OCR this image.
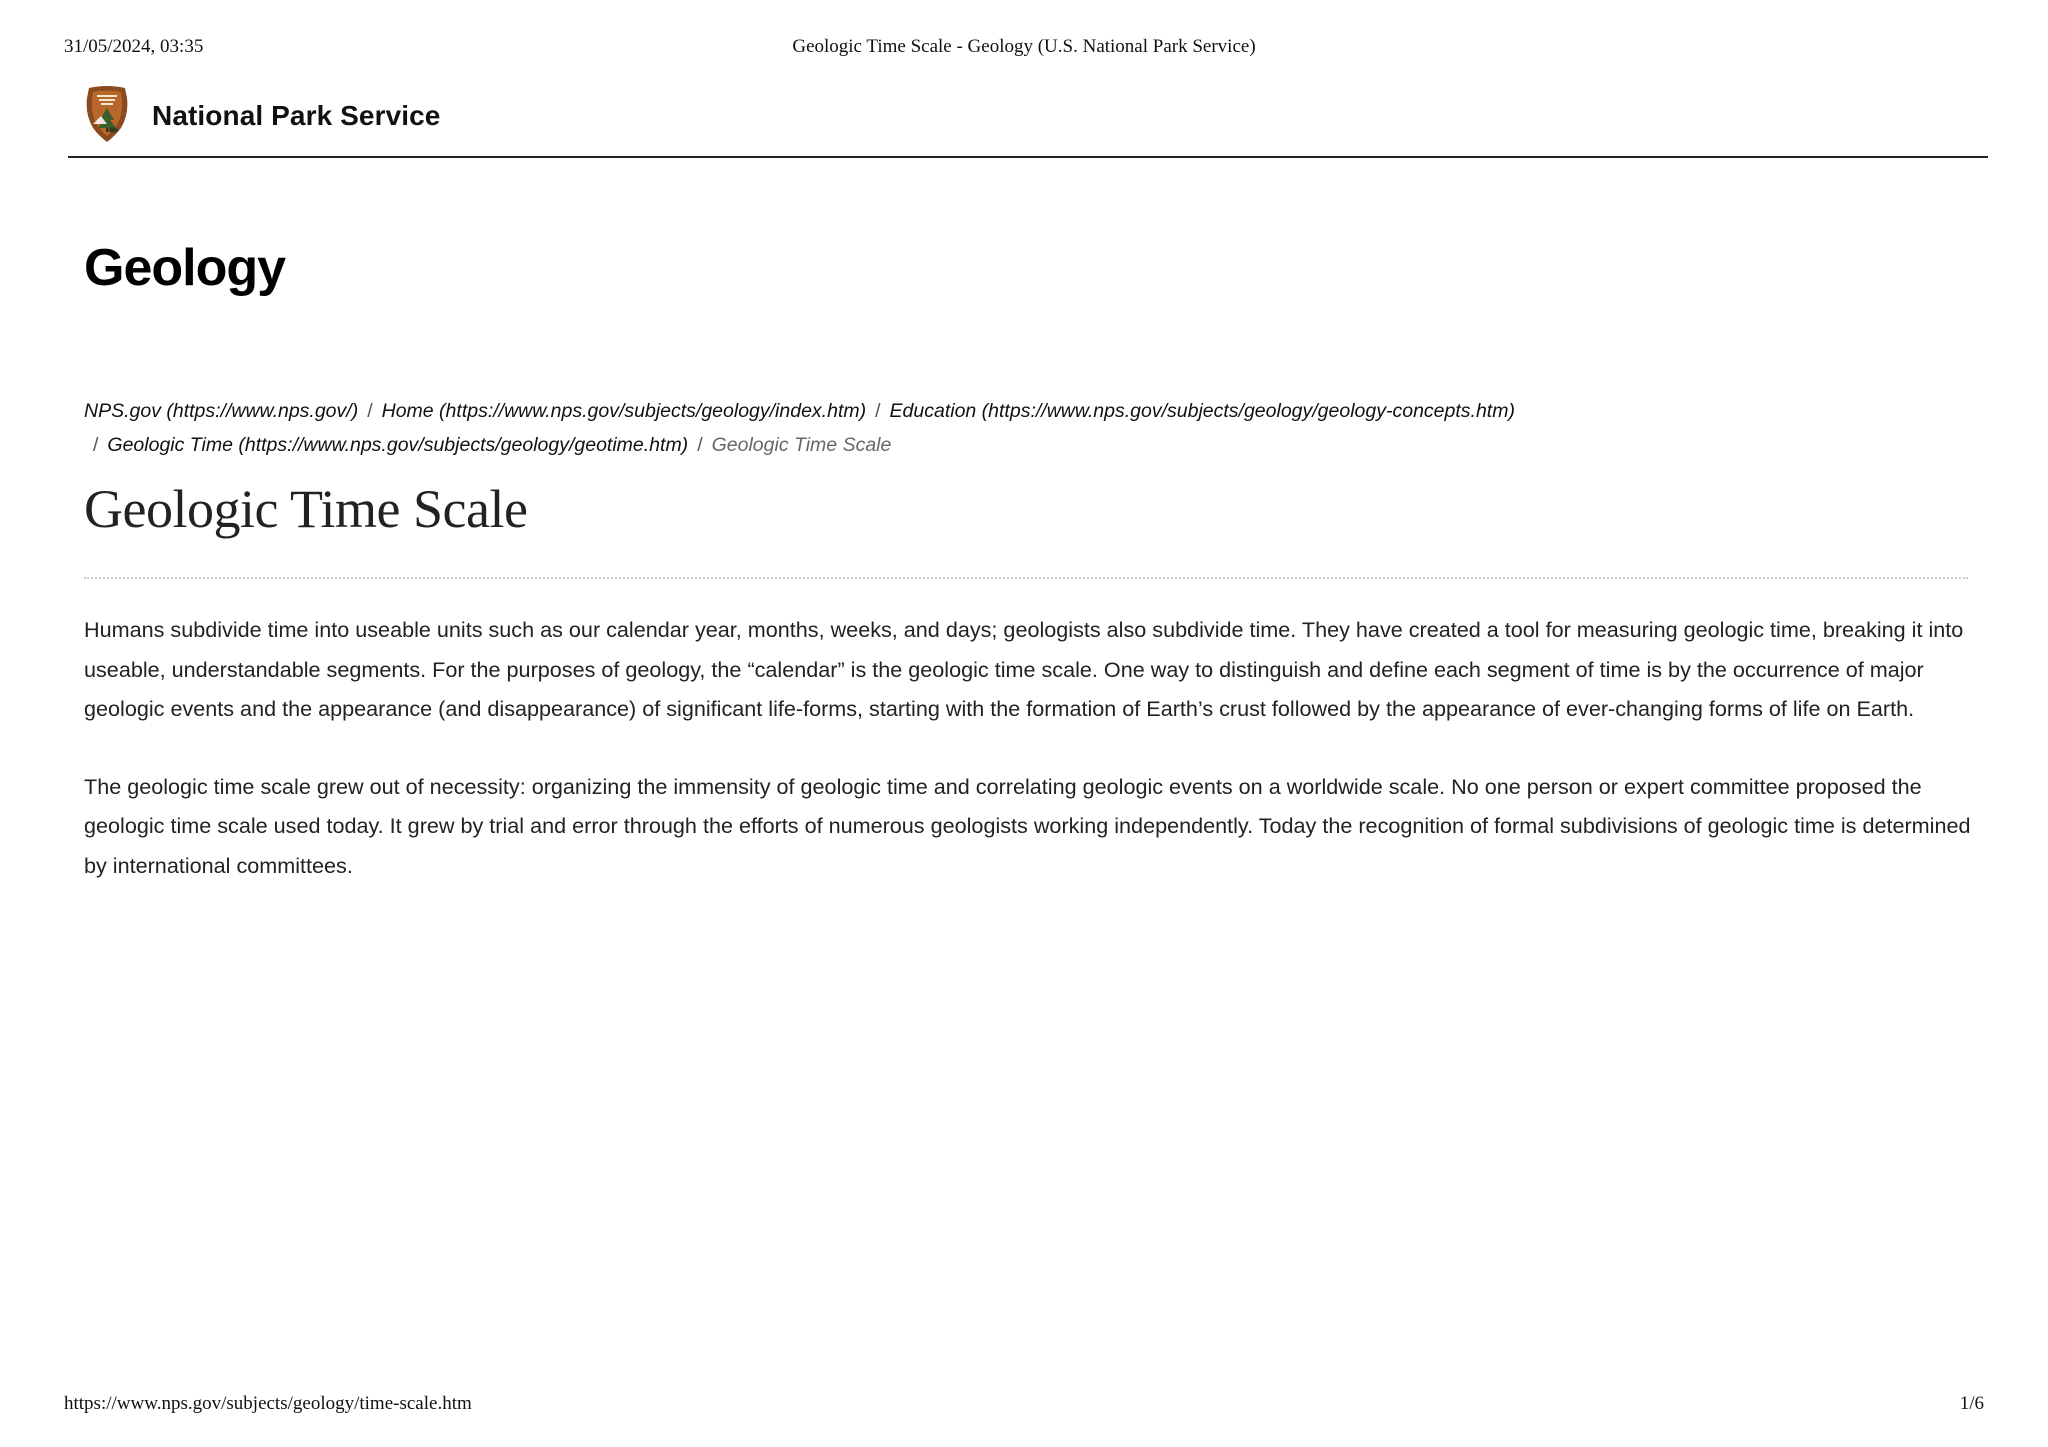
31/05/2024, 03:35	Geologic Time Scale - Geology (U.S. National Park Service)
National Park Service
Geology
NPS.gov (https://www.nps.gov/) / Home (https://www.nps.gov/subjects/geology/index.htm) / Education (https://www.nps.gov/subjects/geology/geology-concepts.htm)
/ Geologic Time (https://www.nps.gov/subjects/geology/geotime.htm) / Geologic Time Scale
Geologic Time Scale

Humans subdivide time into useable units such as our calendar year, months, weeks, and days; geologists also subdivide time. They have created a tool for measuring geologic time, breaking it into useable, understandable segments. For the purposes of geology, the “calendar” is the geologic time scale. One way to distinguish and define each segment of time is by the occurrence of major geologic events and the appearance (and disappearance) of significant life-forms, starting with the formation of Earth’s crust followed by the appearance of ever-changing forms of life on Earth.

The geologic time scale grew out of necessity: organizing the immensity of geologic time and correlating geologic events on a worldwide scale. No one person or expert committee proposed the geologic time scale used today. It grew by trial and error through the efforts of numerous geologists working independently. Today the recognition of formal subdivisions of geologic time is determined by international committees.

https://www.nps.gov/subjects/geology/time-scale.htm	1/6
